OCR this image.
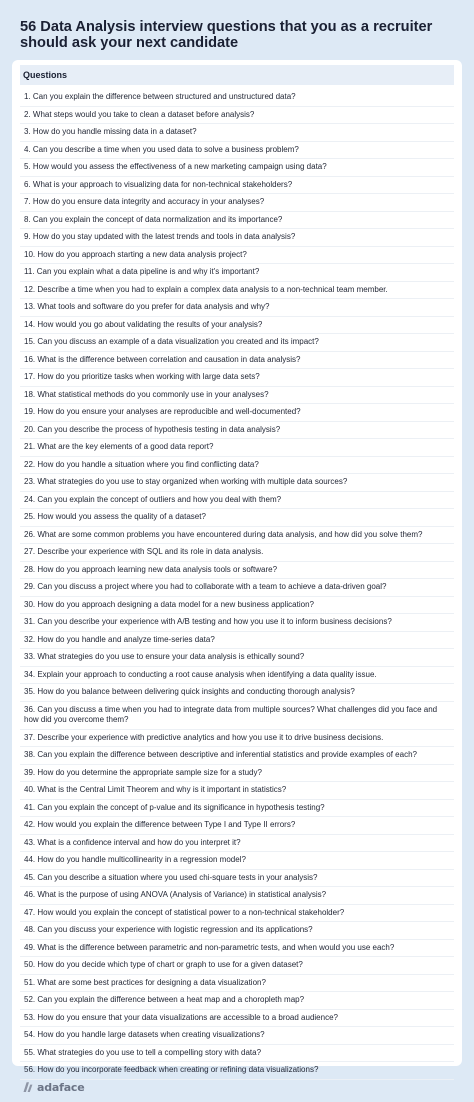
56 Data Analysis interview questions that you as a recruiter should ask your next candidate
Questions
1. Can you explain the difference between structured and unstructured data?
2. What steps would you take to clean a dataset before analysis?
3. How do you handle missing data in a dataset?
4. Can you describe a time when you used data to solve a business problem?
5. How would you assess the effectiveness of a new marketing campaign using data?
6. What is your approach to visualizing data for non-technical stakeholders?
7. How do you ensure data integrity and accuracy in your analyses?
8. Can you explain the concept of data normalization and its importance?
9. How do you stay updated with the latest trends and tools in data analysis?
10. How do you approach starting a new data analysis project?
11. Can you explain what a data pipeline is and why it's important?
12. Describe a time when you had to explain a complex data analysis to a non-technical team member.
13. What tools and software do you prefer for data analysis and why?
14. How would you go about validating the results of your analysis?
15. Can you discuss an example of a data visualization you created and its impact?
16. What is the difference between correlation and causation in data analysis?
17. How do you prioritize tasks when working with large data sets?
18. What statistical methods do you commonly use in your analyses?
19. How do you ensure your analyses are reproducible and well-documented?
20. Can you describe the process of hypothesis testing in data analysis?
21. What are the key elements of a good data report?
22. How do you handle a situation where you find conflicting data?
23. What strategies do you use to stay organized when working with multiple data sources?
24. Can you explain the concept of outliers and how you deal with them?
25. How would you assess the quality of a dataset?
26. What are some common problems you have encountered during data analysis, and how did you solve them?
27. Describe your experience with SQL and its role in data analysis.
28. How do you approach learning new data analysis tools or software?
29. Can you discuss a project where you had to collaborate with a team to achieve a data-driven goal?
30. How do you approach designing a data model for a new business application?
31. Can you describe your experience with A/B testing and how you use it to inform business decisions?
32. How do you handle and analyze time-series data?
33. What strategies do you use to ensure your data analysis is ethically sound?
34. Explain your approach to conducting a root cause analysis when identifying a data quality issue.
35. How do you balance between delivering quick insights and conducting thorough analysis?
36. Can you discuss a time when you had to integrate data from multiple sources? What challenges did you face and how did you overcome them?
37. Describe your experience with predictive analytics and how you use it to drive business decisions.
38. Can you explain the difference between descriptive and inferential statistics and provide examples of each?
39. How do you determine the appropriate sample size for a study?
40. What is the Central Limit Theorem and why is it important in statistics?
41. Can you explain the concept of p-value and its significance in hypothesis testing?
42. How would you explain the difference between Type I and Type II errors?
43. What is a confidence interval and how do you interpret it?
44. How do you handle multicollinearity in a regression model?
45. Can you describe a situation where you used chi-square tests in your analysis?
46. What is the purpose of using ANOVA (Analysis of Variance) in statistical analysis?
47. How would you explain the concept of statistical power to a non-technical stakeholder?
48. Can you discuss your experience with logistic regression and its applications?
49. What is the difference between parametric and non-parametric tests, and when would you use each?
50. How do you decide which type of chart or graph to use for a given dataset?
51. What are some best practices for designing a data visualization?
52. Can you explain the difference between a heat map and a choropleth map?
53. How do you ensure that your data visualizations are accessible to a broad audience?
54. How do you handle large datasets when creating visualizations?
55. What strategies do you use to tell a compelling story with data?
56. How do you incorporate feedback when creating or refining data visualizations?
adaface
